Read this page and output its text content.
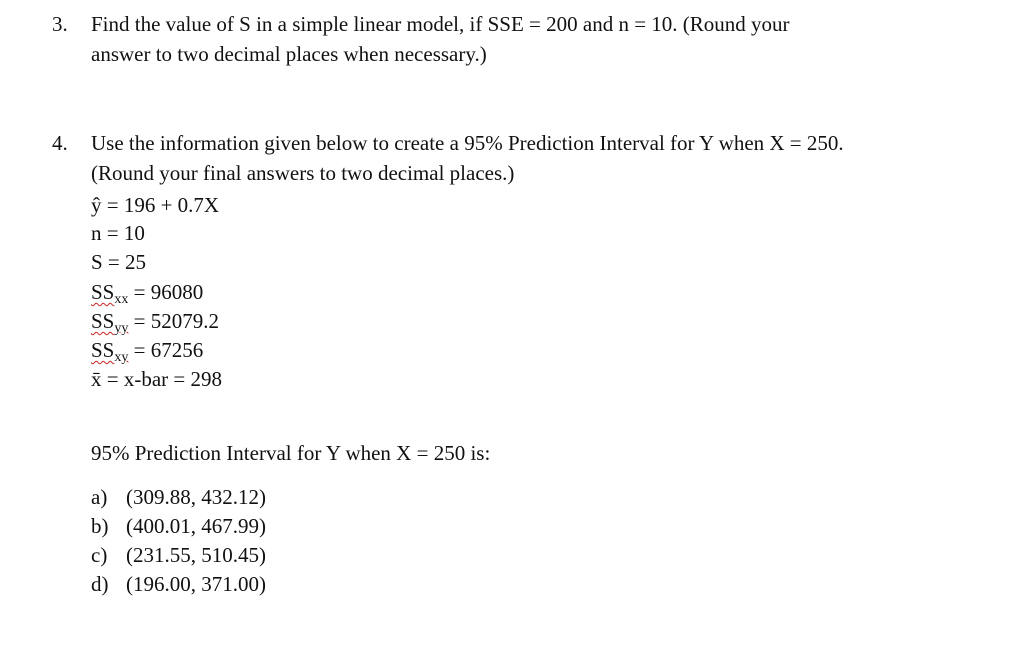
3. Find the value of S in a simple linear model, if SSE = 200 and n = 10. (Round your
answer to two decimal places when necessary.)
4. Use the information given below to create a 95% Prediction Interval for Y when X = 250.
(Round your final answers to two decimal places.)
ŷ = 196 + 0.7X
n = 10
S = 25
$SS_{xx} = 96080$
$SS_{yy} = 52079.2$
$SS_{xy} = 67256$
x̄ = x-bar = 298
95% Prediction Interval for Y when X = 250 is:
a) (309.88, 432.12)
b) (400.01, 467.99)
c) (231.55, 510.45)
d) (196.00, 371.00)
